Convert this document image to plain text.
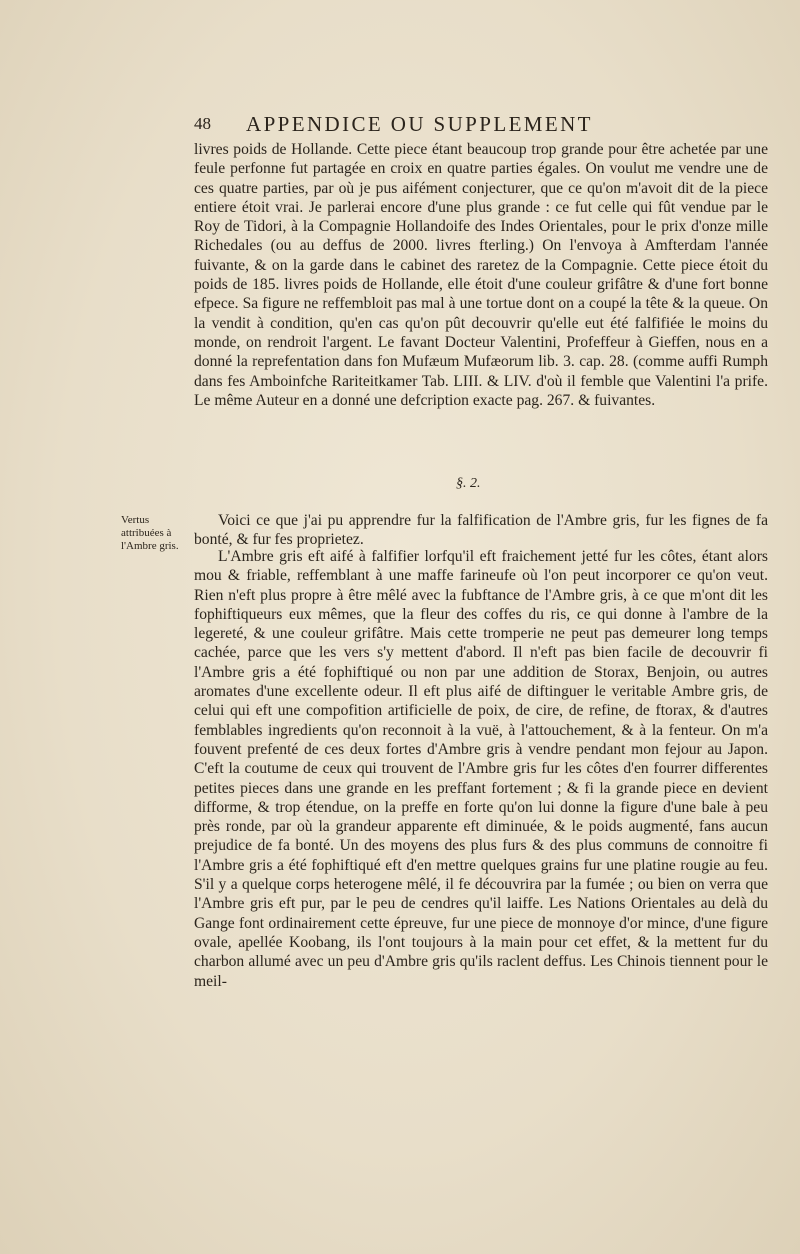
48 APPENDICE OU SUPPLEMENT

livres poids de Hollande. Cette piece étant beaucoup trop grande pour être achetée par une feule perfonne fut partagée en croix en quatre parties égales. On voulut me vendre une de ces quatre parties, par où je pus aifément conjecturer, que ce qu'on m'avoit dit de la piece entiere étoit vrai. Je parlerai encore d'une plus grande : ce fut celle qui fût vendue par le Roy de Tidori, à la Compagnie Hollandoife des Indes Orientales, pour le prix d'onze mille Richedales (ou au deffus de 2000. livres fterling.) On l'envoya à Amfterdam l'année fuivante, & on la garde dans le cabinet des raretez de la Compagnie. Cette piece étoit du poids de 185. livres poids de Hollande, elle étoit d'une couleur grifâtre & d'une fort bonne efpece. Sa figure ne reffembloit pas mal à une tortue dont on a coupé la tête & la queue. On la vendit à condition, qu'en cas qu'on pût decouvrir qu'elle eut été falfifiée le moins du monde, on rendroit l'argent. Le favant Docteur Valentini, Profeffeur à Gieffen, nous en a donné la reprefentation dans fon Mufæum Mufæorum lib. 3. cap. 28. (comme auffi Rumph dans fes Amboinfche Rariteitkamer Tab. LIII. & LIV. d'où il femble que Valentini l'a prife. Le même Auteur en a donné une defcription exacte pag. 267. & fuivantes.

§. 2.

Vertus attribuées à l'Ambre gris.

Voici ce que j'ai pu apprendre fur la falfification de l'Ambre gris, fur les fignes de fa bonté, & fur fes proprietez.

L'Ambre gris eft aifé à falfifier lorfqu'il eft fraichement jetté fur les côtes, étant alors mou & friable, reffemblant à une maffe farineufe où l'on peut incorporer ce qu'on veut. Rien n'eft plus propre à être mêlé avec la fubftance de l'Ambre gris, à ce que m'ont dit les fophiftiqueurs eux mêmes, que la fleur des coffes du ris, ce qui donne à l'ambre de la legereté, & une couleur grifâtre. Mais cette tromperie ne peut pas demeurer long temps cachée, parce que les vers s'y mettent d'abord. Il n'eft pas bien facile de decouvrir fi l'Ambre gris a été fophiftiqué ou non par une addition de Storax, Benjoin, ou autres aromates d'une excellente odeur. Il eft plus aifé de diftinguer le veritable Ambre gris, de celui qui eft une compofition artificielle de poix, de cire, de refine, de ftorax, & d'autres femblables ingredients qu'on reconnoit à la vuë, à l'attouchement, & à la fenteur. On m'a fouvent prefenté de ces deux fortes d'Ambre gris à vendre pendant mon fejour au Japon. C'eft la coutume de ceux qui trouvent de l'Ambre gris fur les côtes d'en fourrer differentes petites pieces dans une grande en les preffant fortement ; & fi la grande piece en devient difforme, & trop étendue, on la preffe en forte qu'on lui donne la figure d'une bale à peu près ronde, par où la grandeur apparente eft diminuée, & le poids augmenté, fans aucun prejudice de fa bonté. Un des moyens des plus furs & des plus communs de connoitre fi l'Ambre gris a été fophiftiqué eft d'en mettre quelques grains fur une platine rougie au feu. S'il y a quelque corps heterogene mêlé, il fe découvrira par la fumée ; ou bien on verra que l'Ambre gris eft pur, par le peu de cendres qu'il laiffe. Les Nations Orientales au delà du Gange font ordinairement cette épreuve, fur une piece de monnoye d'or mince, d'une figure ovale, apellée Koobang, ils l'ont toujours à la main pour cet effet, & la mettent fur du charbon allumé avec un peu d'Ambre gris qu'ils raclent deffus. Les Chinois tiennent pour le meil-
